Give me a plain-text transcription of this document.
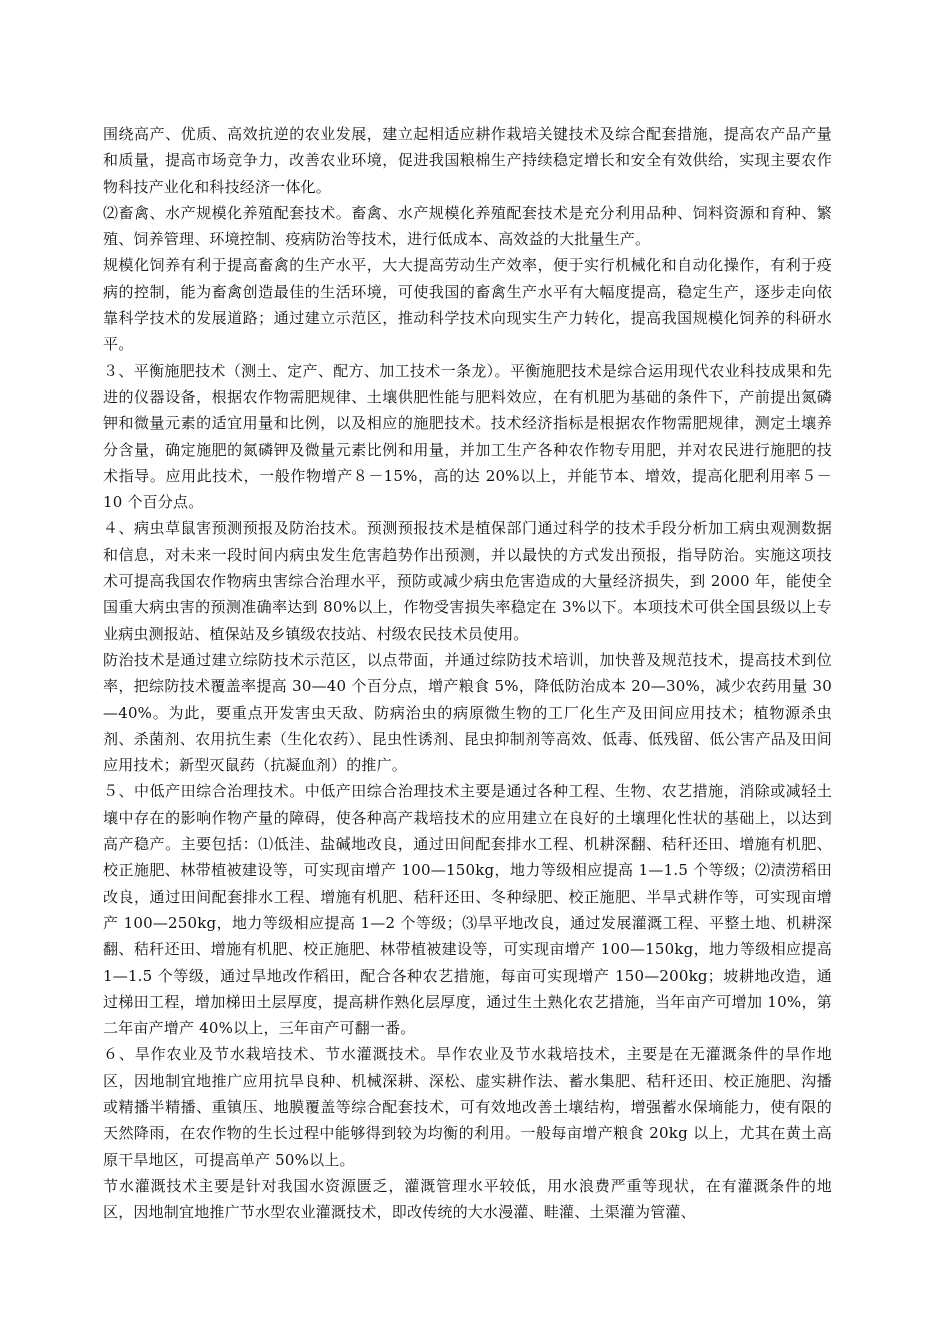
围绕高产、优质、高效抗逆的农业发展，建立起相适应耕作栽培关键技术及综合配套措施，提高农产品产量和质量，提高市场竞争力，改善农业环境，促进我国粮棉生产持续稳定增长和安全有效供给，实现主要农作物科技产业化和科技经济一体化。

⑵畜禽、水产规模化养殖配套技术。畜禽、水产规模化养殖配套技术是充分利用品种、饲料资源和育种、繁殖、饲养管理、环境控制、疫病防治等技术，进行低成本、高效益的大批量生产。

规模化饲养有利于提高畜禽的生产水平，大大提高劳动生产效率，便于实行机械化和自动化操作，有利于疫病的控制，能为畜禽创造最佳的生活环境，可使我国的畜禽生产水平有大幅度提高，稳定生产，逐步走向依靠科学技术的发展道路；通过建立示范区，推动科学技术向现实生产力转化，提高我国规模化饲养的科研水平。

３、平衡施肥技术（测土、定产、配方、加工技术一条龙）。平衡施肥技术是综合运用现代农业科技成果和先进的仪器设备，根据农作物需肥规律、土壤供肥性能与肥料效应，在有机肥为基础的条件下，产前提出氮磷钾和微量元素的适宜用量和比例，以及相应的施肥技术。技术经济指标是根据农作物需肥规律，测定土壤养分含量，确定施肥的氮磷钾及微量元素比例和用量，并加工生产各种农作物专用肥，并对农民进行施肥的技术指导。应用此技术，一般作物增产８－15%，高的达 20%以上，并能节本、增效，提高化肥利用率５－10 个百分点。

４、病虫草鼠害预测预报及防治技术。预测预报技术是植保部门通过科学的技术手段分析加工病虫观测数据和信息，对未来一段时间内病虫发生危害趋势作出预测，并以最快的方式发出预报，指导防治。实施这项技术可提高我国农作物病虫害综合治理水平，预防或减少病虫危害造成的大量经济损失，到 2000 年，能使全国重大病虫害的预测准确率达到 80%以上，作物受害损失率稳定在 3%以下。本项技术可供全国县级以上专业病虫测报站、植保站及乡镇级农技站、村级农民技术员使用。

防治技术是通过建立综防技术示范区，以点带面，并通过综防技术培训，加快普及规范技术，提高技术到位率，把综防技术覆盖率提高 30—40 个百分点，增产粮食 5%，降低防治成本 20—30%，减少农药用量 30—40%。为此，要重点开发害虫天敌、防病治虫的病原微生物的工厂化生产及田间应用技术；植物源杀虫剂、杀菌剂、农用抗生素（生化农药）、昆虫性诱剂、昆虫抑制剂等高效、低毒、低残留、低公害产品及田间应用技术；新型灭鼠药（抗凝血剂）的推广。

５、中低产田综合治理技术。中低产田综合治理技术主要是通过各种工程、生物、农艺措施，消除或减轻土壤中存在的影响作物产量的障碍，使各种高产栽培技术的应用建立在良好的土壤理化性状的基础上，以达到高产稳产。主要包括：⑴低洼、盐碱地改良，通过田间配套排水工程、机耕深翻、秸秆还田、增施有机肥、校正施肥、林带植被建设等，可实现亩增产 100—150kg，地力等级相应提高 1—1.5 个等级；⑵渍涝稻田改良，通过田间配套排水工程、增施有机肥、秸秆还田、冬种绿肥、校正施肥、半旱式耕作等，可实现亩增产 100—250kg，地力等级相应提高 1—2 个等级；⑶旱平地改良，通过发展灌溉工程、平整土地、机耕深翻、秸秆还田、增施有机肥、校正施肥、林带植被建设等，可实现亩增产 100—150kg，地力等级相应提高 1—1.5 个等级，通过旱地改作稻田，配合各种农艺措施，每亩可实现增产 150—200kg；坡耕地改造，通过梯田工程，增加梯田土层厚度，提高耕作熟化层厚度，通过生土熟化农艺措施，当年亩产可增加 10%，第二年亩产增产 40%以上，三年亩产可翻一番。

６、旱作农业及节水栽培技术、节水灌溉技术。旱作农业及节水栽培技术，主要是在无灌溉条件的旱作地区，因地制宜地推广应用抗旱良种、机械深耕、深松、虚实耕作法、蓄水集肥、秸秆还田、校正施肥、沟播或精播半精播、重镇压、地膜覆盖等综合配套技术，可有效地改善土壤结构，增强蓄水保墒能力，使有限的天然降雨，在农作物的生长过程中能够得到较为均衡的利用。一般每亩增产粮食 20kg 以上，尤其在黄土高原干旱地区，可提高单产 50%以上。

节水灌溉技术主要是针对我国水资源匮乏，灌溉管理水平较低，用水浪费严重等现状，在有灌溉条件的地区，因地制宜地推广节水型农业灌溉技术，即改传统的大水漫灌、畦灌、土渠灌为管灌、
